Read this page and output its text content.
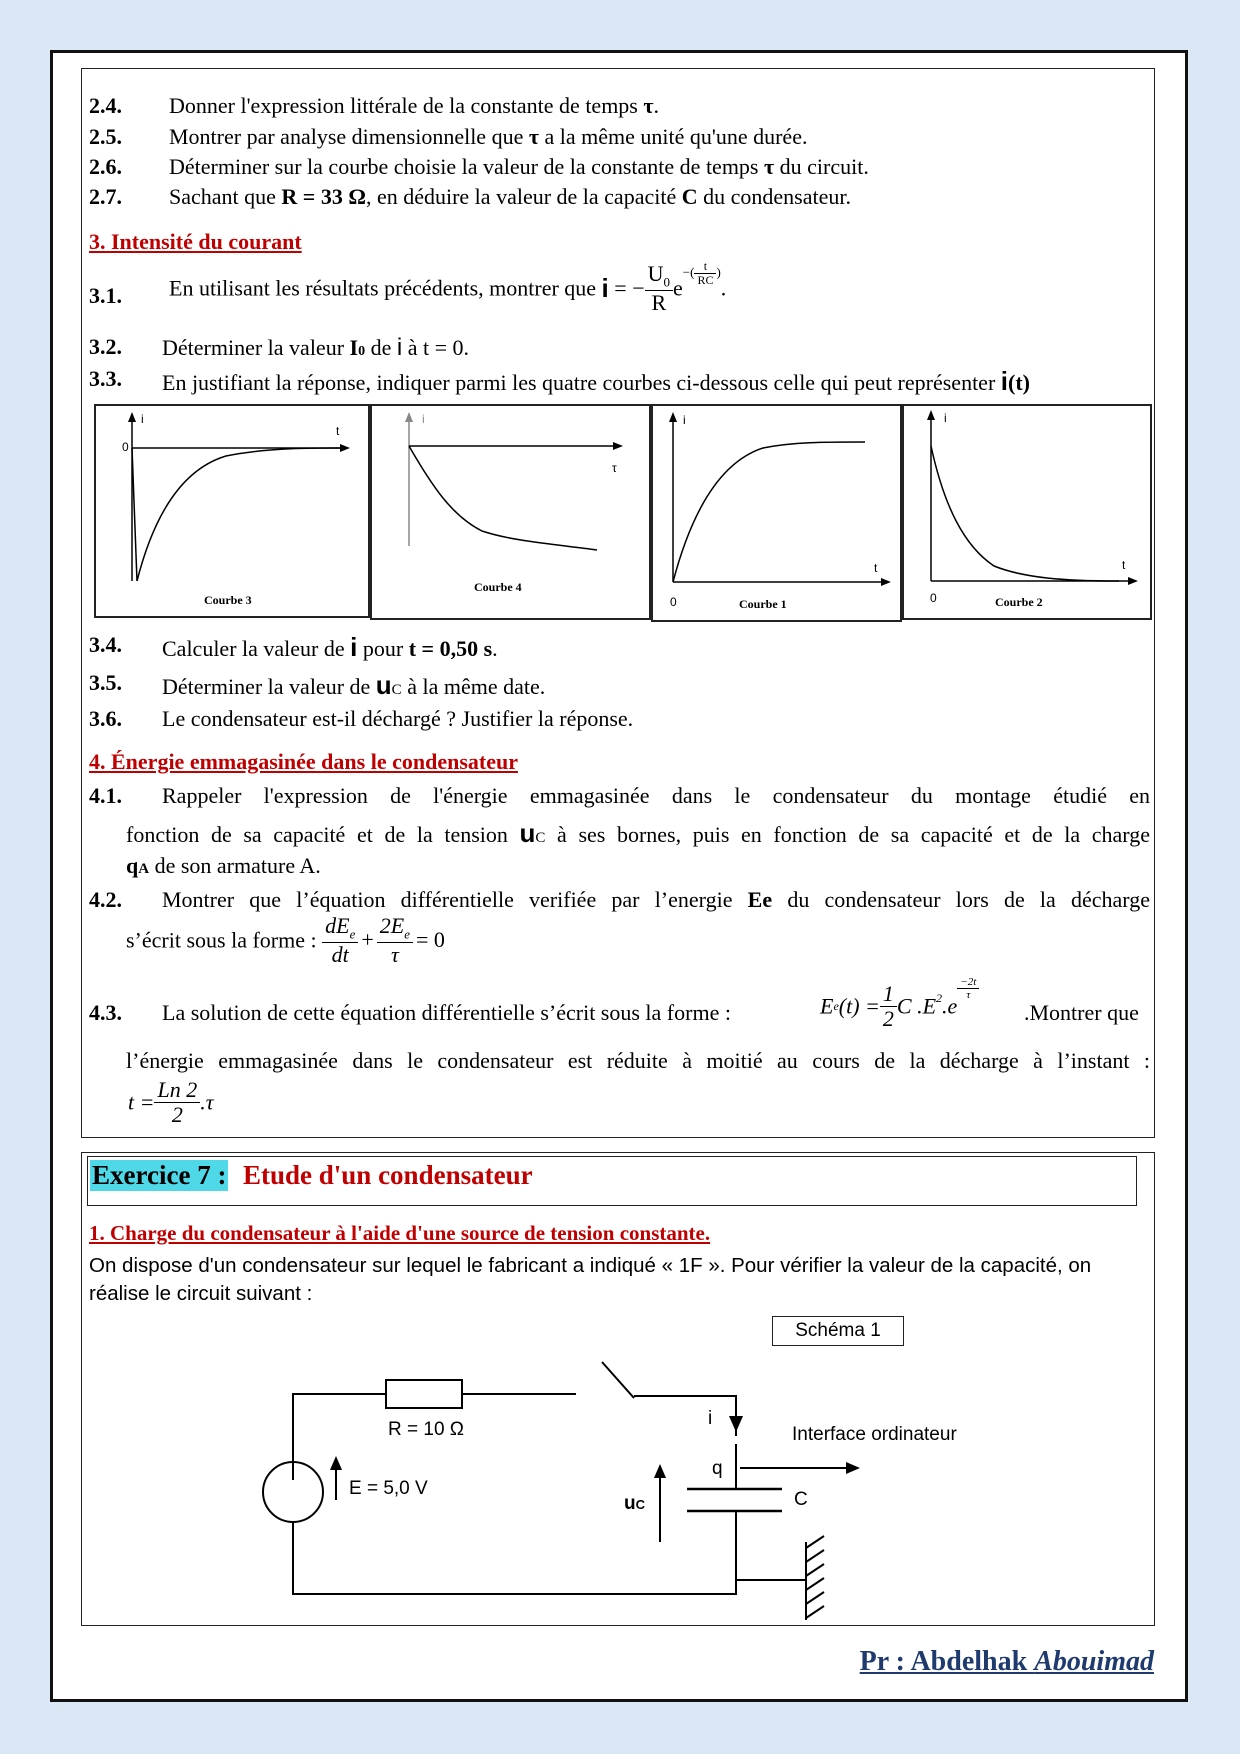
2.4. Donner l'expression littérale de la constante de temps τ.
2.5. Montrer par analyse dimensionnelle que τ a la même unité qu'une durée.
2.6. Déterminer sur la courbe choisie la valeur de la constante de temps τ du circuit.
2.7. Sachant que R = 33 Ω, en déduire la valeur de la capacité C du condensateur.
3. Intensité du courant
3.1. En utilisant les résultats précédents, montrer que i = − $\frac{U_0}{R} e-( \frac{t}{RC}$ ).
3.2. Déterminer la valeur I0 de i à t = 0.
3.3. En justifiant la réponse, indiquer parmi les quatre courbes ci-dessous celle qui peut représenter i(t)
i
t
0
Courbe 3
i
τ
Courbe 4
i
t
0	Courbe 1
i
t
0	Courbe 2
3.4. Calculer la valeur de i pour t = 0,50 s.
3.5. Déterminer la valeur de uC à la même date.
3.6. Le condensateur est-il déchargé ? Justifier la réponse.
4. Énergie emmagasinée dans le condensateur
4.1. Rappeler l'expression de l'énergie emmagasinée dans le condensateur du montage étudié en
fonction de sa capacité et de la tension uC à ses bornes, puis en fonction de sa capacité et de la charge
qA de son armature A.
4.2. Montrer que l’équation différentielle verifiée par l’energie Ee du condensateur lors de la décharge
s’écrit sous la forme : $\frac{dE_e}{dt} + \frac{2E_e}{\tau} = 0$
4.3. La solution de cette équation différentielle s’écrit sous la forme :	$Ee(t) = \frac{1}{2}$ C $.E^2.e$
$\frac{-2t}{\tau}$
.Montrer que
l’énergie emmagasinée dans le condensateur est réduite à moitié au cours de la décharge à l’instant :
$t = \frac{Ln 2}{2} .\tau$
Exercice 7 : Etude d'un condensateur
1. Charge du condensateur à l'aide d'une source de tension constante.
On dispose d'un condensateur sur lequel le fabricant a indiqué « 1F ». Pour vérifier la valeur de la capacité, on
réalise le circuit suivant :
Schéma 1
R = 10 Ω
E = 5,0 V
i
q
C
uC
Interface ordinateur
Pr : Abdelhak Abouimad
